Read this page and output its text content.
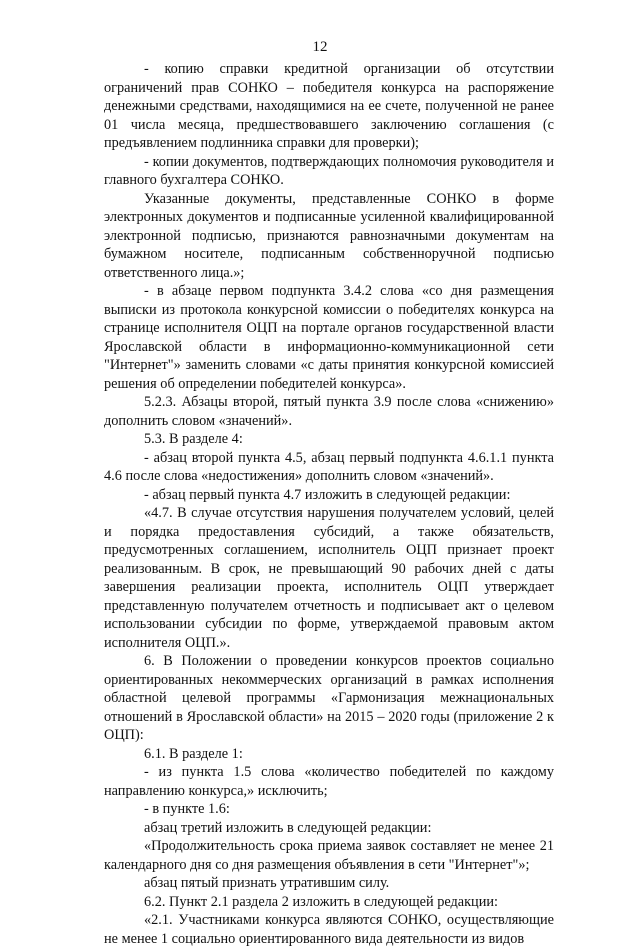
12

- копию справки кредитной организации об отсутствии ограничений прав СОНКО – победителя конкурса на распоряжение денежными средствами, находящимися на ее счете, полученной не ранее 01 числа месяца, предшествовавшего заключению соглашения (с предъявлением подлинника справки для проверки);

- копии документов, подтверждающих полномочия руководителя и главного бухгалтера СОНКО.

Указанные документы, представленные СОНКО в форме электронных документов и подписанные усиленной квалифицированной электронной подписью, признаются равнозначными документам на бумажном носителе, подписанным собственноручной подписью ответственного лица.»;

- в абзаце первом подпункта 3.4.2 слова «со дня размещения выписки из протокола конкурсной комиссии о победителях конкурса на странице исполнителя ОЦП на портале органов государственной власти Ярославской области в информационно-коммуникационной сети "Интернет"» заменить словами «с даты принятия конкурсной комиссией решения об определении победителей конкурса».

5.2.3. Абзацы второй, пятый пункта 3.9 после слова «снижению» дополнить словом «значений».

5.3. В разделе 4:

- абзац второй пункта 4.5, абзац первый подпункта 4.6.1.1 пункта 4.6 после слова «недостижения» дополнить словом «значений».

- абзац первый пункта 4.7 изложить в следующей редакции:

«4.7. В случае отсутствия нарушения получателем условий, целей и порядка предоставления субсидий, а также обязательств, предусмотренных соглашением, исполнитель ОЦП признает проект реализованным. В срок, не превышающий 90 рабочих дней с даты завершения реализации проекта, исполнитель ОЦП утверждает представленную получателем отчетность и подписывает акт о целевом использовании субсидии по форме, утверждаемой правовым актом исполнителя ОЦП.».

6. В Положении о проведении конкурсов проектов социально ориентированных некоммерческих организаций в рамках исполнения областной целевой программы «Гармонизация межнациональных отношений в Ярославской области» на 2015 – 2020 годы (приложение 2 к ОЦП):

6.1. В разделе 1:

- из пункта 1.5 слова «количество победителей по каждому направлению конкурса,» исключить;

- в пункте 1.6:

абзац третий изложить в следующей редакции:

«Продолжительность срока приема заявок составляет не менее 21 календарного дня со дня размещения объявления в сети "Интернет"»;

абзац пятый признать утратившим силу.

6.2. Пункт 2.1 раздела 2 изложить в следующей редакции:

«2.1. Участниками конкурса являются СОНКО, осуществляющие не менее 1 социально ориентированного вида деятельности из видов
